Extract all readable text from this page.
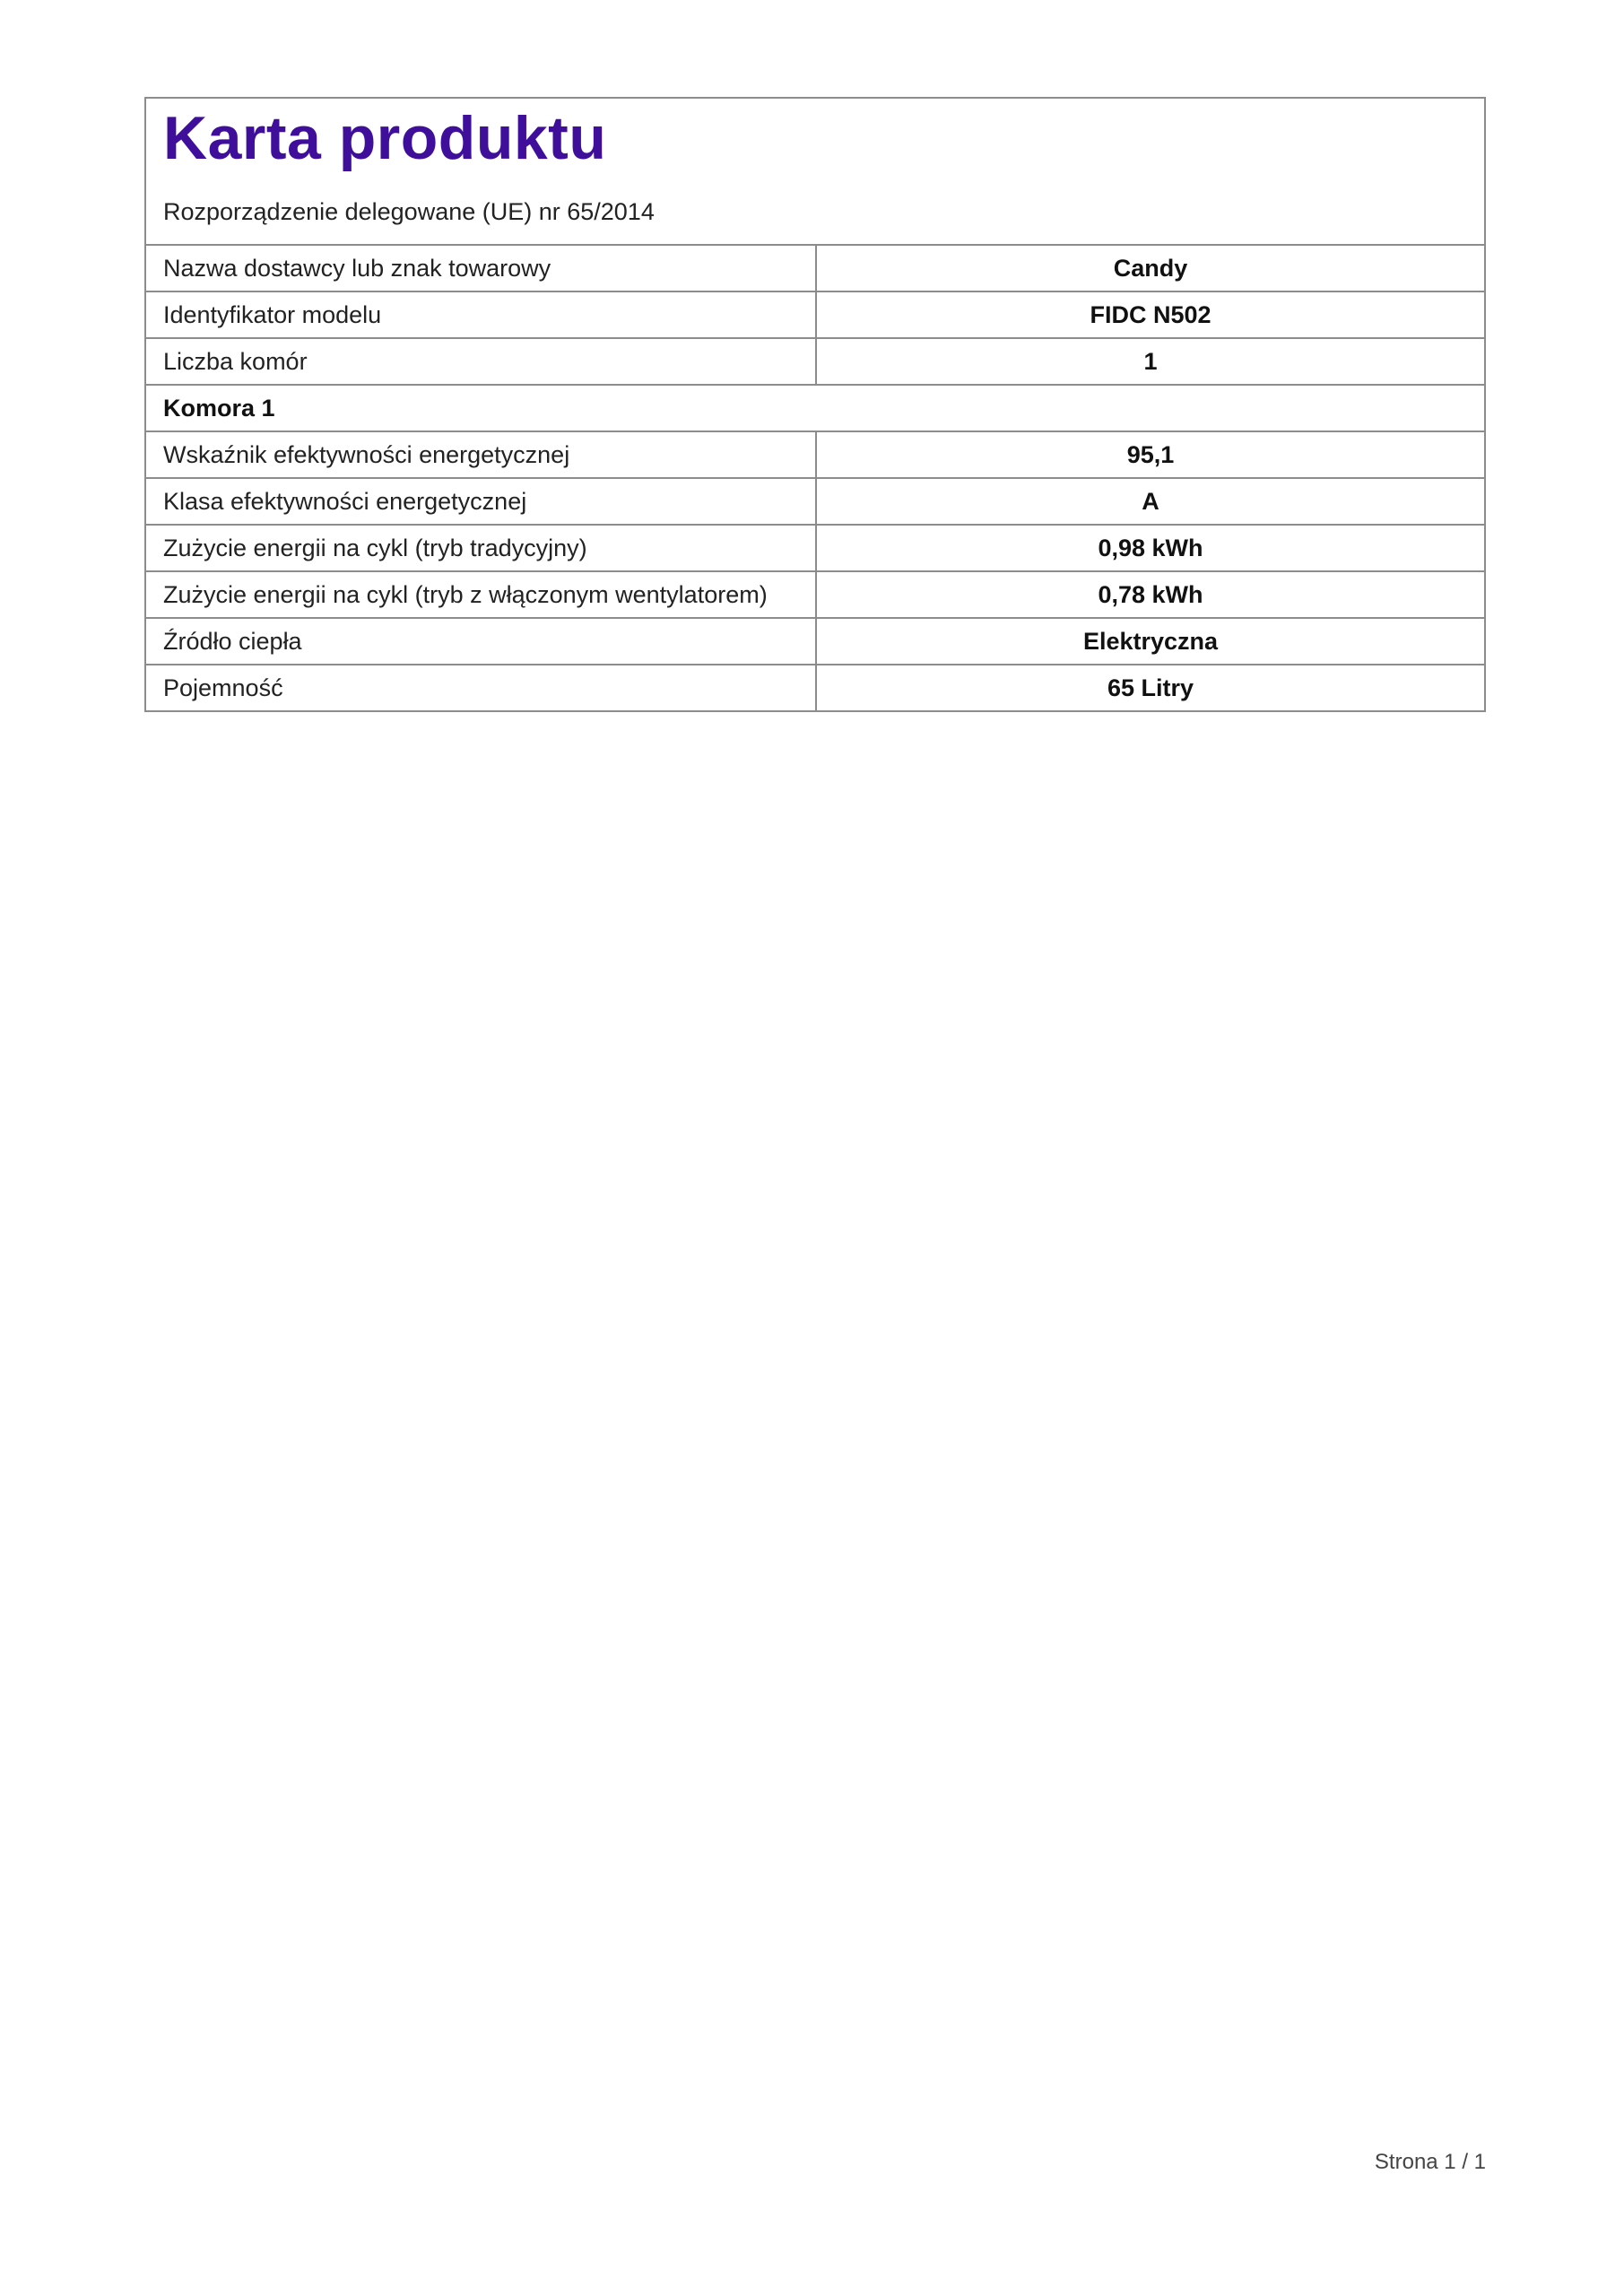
Karta produktu

Rozporządzenie delegowane (UE) nr 65/2014

Nazwa dostawcy lub znak towarowy	Candy
Identyfikator modelu	FIDC N502
Liczba komór	1
Komora 1	
Wskaźnik efektywności energetycznej	95,1
Klasa efektywności energetycznej	A
Zużycie energii na cykl (tryb tradycyjny)	0,98 kWh
Zużycie energii na cykl (tryb z włączonym wentylatorem)	0,78 kWh
Źródło ciepła	Elektryczna
Pojemność	65 Litry
Strona 1 / 1
